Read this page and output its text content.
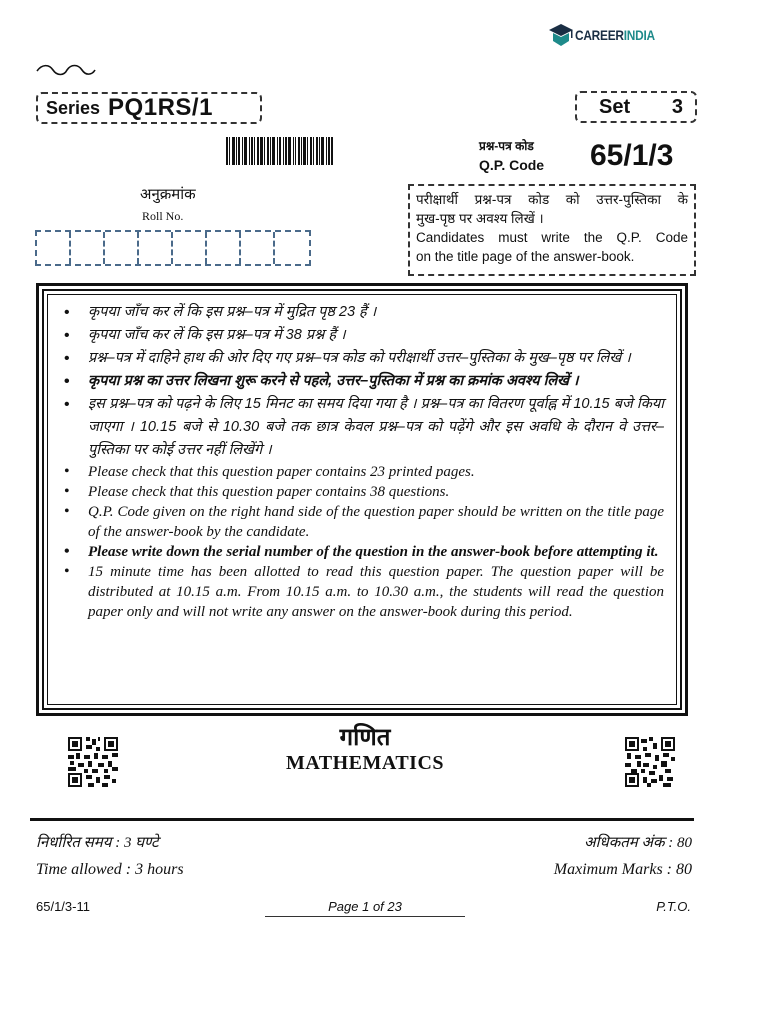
CAREERINDIA
Series PQ1RS/1	Set 3
प्रश्न-पत्र कोड
Q.P. Code 65/1/3
अनुक्रमांक
Roll No.
परीक्षार्थी प्रश्न-पत्र कोड को उत्तर-पुस्तिका के
मुख-पृष्ठ पर अवश्य लिखें ।
Candidates must write the Q.P. Code
on the title page of the answer-book.
• कृपया जाँच कर लें कि इस प्रश्न–पत्र में मुद्रित पृष्ठ 23 हैं ।
• कृपया जाँच कर लें कि इस प्रश्न–पत्र में 38 प्रश्न हैं ।
• प्रश्न–पत्र में दाहिने हाथ की ओर दिए गए प्रश्न–पत्र कोड को परीक्षार्थी उत्तर–पुस्तिका के मुख–पृष्ठ पर लिखें ।
• कृपया प्रश्न का उत्तर लिखना शुरू करने से पहले, उत्तर–पुस्तिका में प्रश्न का क्रमांक अवश्य लिखें ।
• इस प्रश्न–पत्र को पढ़ने के लिए 15 मिनट का समय दिया गया है । प्रश्न–पत्र का वितरण पूर्वाह्न में 10.15 बजे किया जाएगा । 10.15 बजे से 10.30 बजे तक छात्र केवल प्रश्न–पत्र को पढ़ेंगे और इस अवधि के दौरान वे उत्तर–पुस्तिका पर कोई उत्तर नहीं लिखेंगे ।
• Please check that this question paper contains 23 printed pages.
• Please check that this question paper contains 38 questions.
• Q.P. Code given on the right hand side of the question paper should be written on the title page of the answer-book by the candidate.
• Please write down the serial number of the question in the answer-book before attempting it.
• 15 minute time has been allotted to read this question paper. The question paper will be distributed at 10.15 a.m. From 10.15 a.m. to 10.30 a.m., the students will read the question paper only and will not write any answer on the answer-book during this period.
गणित
MATHEMATICS
निर्धारित समय : 3 घण्टे	अधिकतम अंक : 80
Time allowed : 3 hours	Maximum Marks : 80
65/1/3-11	Page 1 of 23	P.T.O.
